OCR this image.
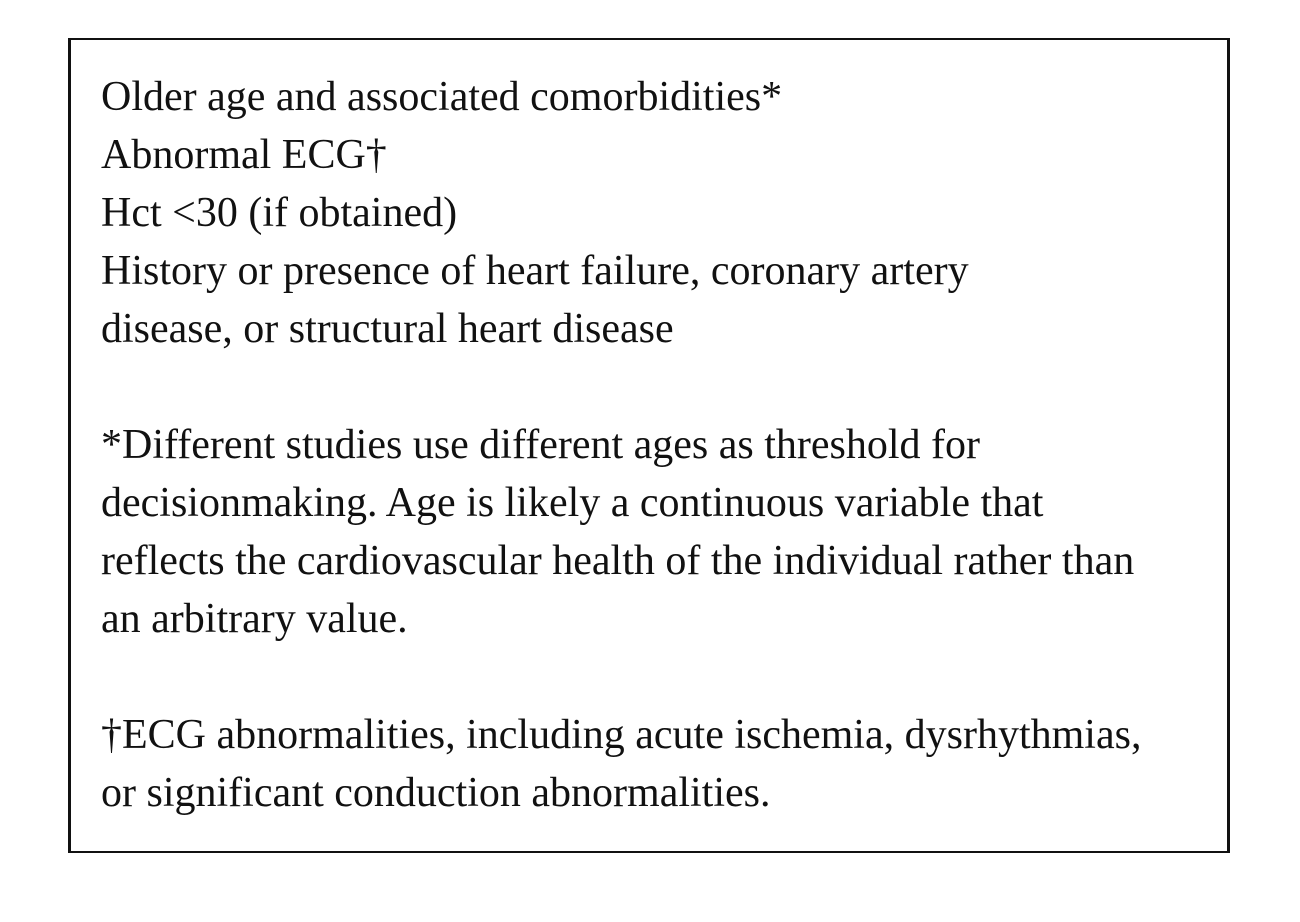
Older age and associated comorbidities*
Abnormal ECG†
Hct <30 (if obtained)
History or presence of heart failure, coronary artery disease, or structural heart disease
*Different studies use different ages as threshold for decisionmaking. Age is likely a continuous variable that reflects the cardiovascular health of the individual rather than an arbitrary value.
†ECG abnormalities, including acute ischemia, dysrhythmias, or significant conduction abnormalities.
